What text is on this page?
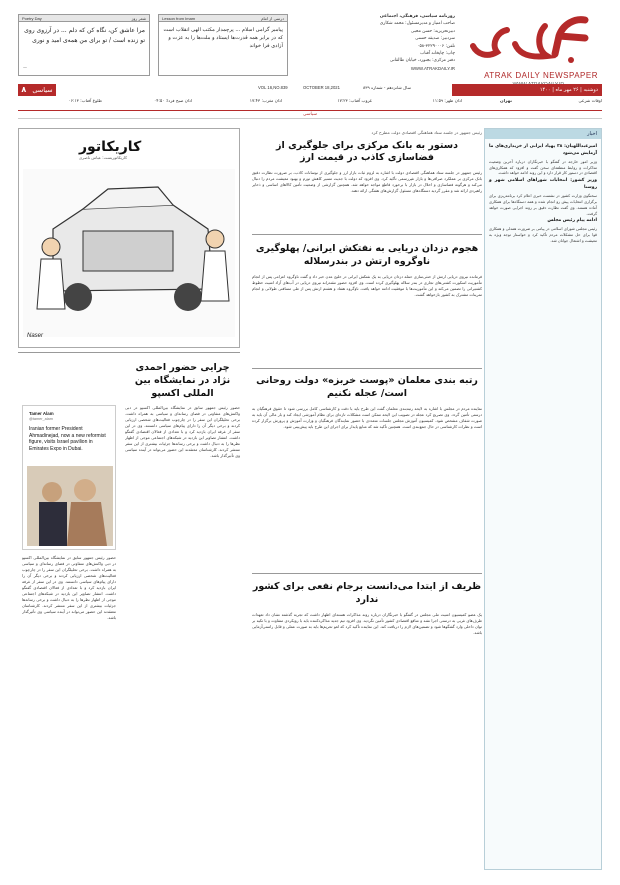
ATRAK DAILY NEWSPAPER

روزنامه سیاسی، فرهنگی، اجتماعی

صاحب امتیاز و مدیرمسئول: محمد شکاری

دبیرتحریریه: حسن محبی

سردبیر: صدیقه حسنی

تلفن: ۳۲۲۹۰۰۰۶-۰۵۸

چاپ: چاپخانه آفتاب

دفتر مرکزی: بجنورد، خیابان طالقانی

WWW.ATRAKDAILY.IR

Lesson from Imam	درسی از امام
پیامبر گرامی اسلام ... پرچمدار مکتب الهی انقلاب است که در برابر همه قدرت‌ها ایستاد و ملت‌ها را به عزت و آزادی فرا خواند
Poetry Day	شعر روز
مرا عاشق کن، نگاه کن که دلم ... در آرزوی روی تو زنده است / تو برای من همه‌ی امید و نوری
—
سیاسی ۸	VOL 16,NO.839	OCTOBER 18,2021	سال شانزدهم - شماره ۸۳۹	دوشنبه | ۲۶ مهر ماه | ۱۴۰۰
اوقات شرعی
تهران
اذان ظهر: ۱۱:۵۹
غروب آفتاب: ۱۷:۲۳
اذان مغرب: ۱۷:۴۳
اذان صبح فردا: ۰۴:۵۰
طلوع آفتاب: ۰۶:۱۳
سیاسی
اخبار
امیرعبداللهیان: ۲۸ پهپاد ایرانی از خریداری‌های ما آزمایش می‌شود

وزیر امور خارجه در گفتگو با خبرنگاران درباره آخرین وضعیت مذاکرات و روابط منطقه‌ای سخن گفت و افزود که همکاری‌های اقتصادی در دستور کار قرار دارد و این روند ادامه خواهد داشت.

وزیر کشور: انتخابات شوراهای اسلامی شهر و روستا

سخنگوی وزارت کشور در نشست خبری اعلام کرد برنامه‌ریزی برای برگزاری انتخابات پیش رو انجام شده و همه دستگاه‌ها برای همکاری آماده هستند. وی گفت نظارت دقیق بر روند اجرایی صورت خواهد گرفت.

ادامه پیام رئیس مجلس

رئیس مجلس شورای اسلامی در پیامی بر ضرورت همدلی و همکاری قوا برای حل مشکلات مردم تأکید کرد و خواستار توجه ویژه به معیشت و اشتغال جوانان شد.

رئیس جمهور در جلسه ستاد هماهنگی اقتصادی دولت مطرح کرد
دستور به بانک مرکزی برای جلوگیری از فضاسازی کاذب در قیمت ارز

رئیس جمهور در جلسه ستاد هماهنگی اقتصادی دولت با اشاره به لزوم ثبات بازار ارز و جلوگیری از نوسانات کاذب، بر ضرورت نظارت دقیق بانک مرکزی بر عملکرد صرافی‌ها و بازار غیررسمی تأکید کرد. وی افزود که دولت با جدیت مسیر کاهش تورم و بهبود معیشت مردم را دنبال می‌کند و هرگونه فضاسازی و اخلال در بازار با برخورد قاطع مواجه خواهد شد. همچنین گزارشی از وضعیت تأمین کالاهای اساسی و ذخایر راهبردی ارائه شد و مقرر گردید دستگاه‌های مسئول گزارش‌های هفتگی ارائه دهند.

هجوم دزدان دریایی به نفتکش ایرانی/ پهلوگیری ناوگروه ارتش در بندرسلاله

فرمانده نیروی دریایی ارتش از خنثی‌سازی حمله دزدان دریایی به یک نفتکش ایرانی در خلیج عدن خبر داد و گفت ناوگروه اعزامی پس از انجام مأموریت اسکورت کشتی‌های تجاری در بندر سلاله پهلوگیری کرده است. وی افزود حضور مقتدرانه نیروی دریایی در آب‌های آزاد امنیت خطوط کشتیرانی را تضمین می‌کند و این مأموریت‌ها با موفقیت ادامه خواهد یافت. ناوگروه هفتاد و هشتم ارتش پس از طی مسافتی طولانی و انجام تمرینات مشترک به کشور بازخواهد گشت.

رتبه بندی معلمان «پوست خربزه» دولت روحانی است/ عجله نکنیم

نماینده مردم در مجلس با اشاره به لایحه رتبه‌بندی معلمان گفت این طرح باید با دقت و کارشناسی کامل بررسی شود تا حقوق فرهنگیان به درستی تأمین گردد. وی تصریح کرد عجله در تصویب این لایحه ممکن است مشکلات تازه‌ای برای نظام آموزشی ایجاد کند و بار مالی آن باید به صورت شفاف مشخص شود. کمیسیون آموزش مجلس جلسات متعددی با حضور نمایندگان فرهنگیان و وزارت آموزش و پرورش برگزار کرده است و نظرات کارشناسی در حال جمع‌بندی است. همچنین تأکید شد که منابع پایدار برای اجرای این طرح باید پیش‌بینی شود.

ظریف از ابتدا می‌دانست برجام نفعی برای کشور ندارد

یک عضو کمیسیون امنیت ملی مجلس در گفتگو با خبرنگاران درباره روند مذاکرات هسته‌ای اظهار داشت که تجربه گذشته نشان داد تعهدات طرف‌های غربی به درستی اجرا نشد و منافع اقتصادی کشور تأمین نگردید. وی افزود تیم جدید مذاکره‌کننده باید با رویکردی متفاوت و با تکیه بر توان داخلی وارد گفتگوها شود و تضمین‌های لازم را دریافت کند. این نماینده تأکید کرد که لغو تحریم‌ها باید به صورت عملی و قابل راستی‌آزمایی باشد.

کاریکاتور
کاریکاتوریست: عباس ناصری
Naser
چرایی حضور احمدی نژاد در نمایشگاه بین المللی اکسپو

حضور رئیس جمهور سابق در نمایشگاه بین‌المللی اکسپو در دبی واکنش‌های متفاوتی در فضای رسانه‌ای و سیاسی به همراه داشت. برخی تحلیلگران این سفر را در چارچوب فعالیت‌های شخصی ارزیابی کردند و برخی دیگر آن را دارای پیام‌های سیاسی دانستند. وی در این سفر از غرفه ایران بازدید کرد و با تعدادی از فعالان اقتصادی گفتگو داشت. انتشار تصاویر این بازدید در شبکه‌های اجتماعی موجی از اظهار نظرها را به دنبال داشت و برخی رسانه‌ها جزئیات بیشتری از این سفر منتشر کردند. کارشناسان معتقدند این حضور می‌تواند در آینده سیاسی وی تأثیرگذار باشد.

Tamer Alam
@tamer_alam
Iranian former President Ahmadinejad, now a new reformist figure, visits Israel pavilion in Emirates Expo in Dubai.

حضور رئیس جمهور سابق در نمایشگاه بین‌المللی اکسپو در دبی واکنش‌های متفاوتی در فضای رسانه‌ای و سیاسی به همراه داشت. برخی تحلیلگران این سفر را در چارچوب فعالیت‌های شخصی ارزیابی کردند و برخی دیگر آن را دارای پیام‌های سیاسی دانستند. وی در این سفر از غرفه ایران بازدید کرد و با تعدادی از فعالان اقتصادی گفتگو داشت. انتشار تصاویر این بازدید در شبکه‌های اجتماعی موجی از اظهار نظرها را به دنبال داشت و برخی رسانه‌ها جزئیات بیشتری از این سفر منتشر کردند. کارشناسان معتقدند این حضور می‌تواند در آینده سیاسی وی تأثیرگذار باشد.
